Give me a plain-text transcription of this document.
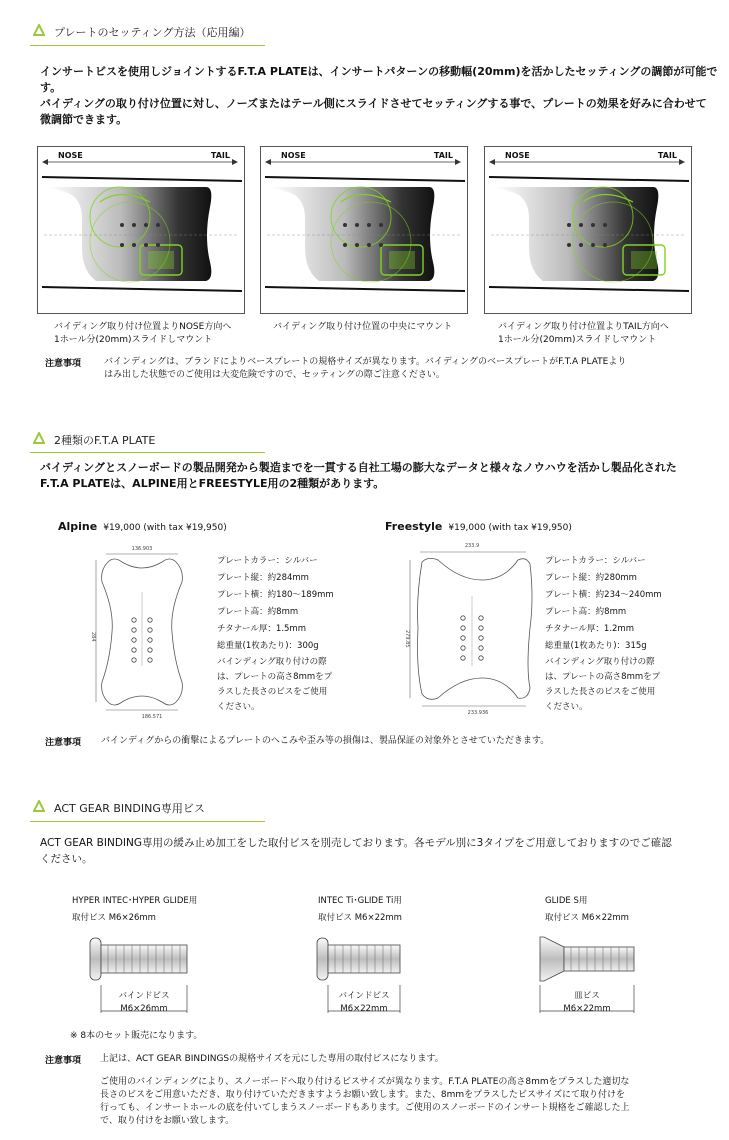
プレートのセッティング方法（応用編）
インサートビスを使用しジョイントするF.T.A PLATEは、インサートパターンの移動幅(20mm)を活かしたセッティングの調節が可能です。
バイディングの取り付け位置に対し、ノーズまたはテール側にスライドさせてセッティングする事で、プレートの効果を好みに合わせて
微調節できます。
NOSE	TAIL	NOSE	TAIL	NOSE	TAIL
バイディング取り付け位置よりNOSE方向へ
1ホール分(20mm)スライドしマウント
バイディング取り付け位置の中央にマウント	バイディング取り付け位置よりTAIL方向へ
1ホール分(20mm)スライドしマウント
注意事項	バインディングは、ブランドによりベースプレートの規格サイズが異なります。バイディングのベースプレートがF.T.A PLATEより
はみ出した状態でのご使用は大変危険ですので、セッティングの際ご注意ください。
2種類のF.T.A PLATE
バイディングとスノーボードの製品開発から製造までを一貫する自社工場の膨大なデータと様々なノウハウを活かし製品化された
F.T.A PLATEは、ALPINE用とFREESTYLE用の2種類があります。
Alpine ¥19,000 (with tax ¥19,950)	Freestyle ¥19,000 (with tax ¥19,950)
136.903
284
186.571
プレートカラー：シルバー
プレート縦：約284mm
プレート横：約180～189mm
プレート高：約8mm
チタナール厚：1.5mm
総重量(1枚あたり)：300g
バインディング取り付けの際
は、プレートの高さ8mmをプ
ラスした長さのビスをご使用
ください。
233.9
279.85
233.936
プレートカラー：シルバー
プレート縦：約280mm
プレート横：約234～240mm
プレート高：約8mm
チタナール厚：1.2mm
総重量(1枚あたり)：315g
バインディング取り付けの際
は、プレートの高さ8mmをプ
ラスした長さのビスをご使用
ください。
注意事項 バインディグからの衝撃によるプレートのへこみや歪み等の損傷は、製品保証の対象外とさせていただきます。
ACT GEAR BINDING専用ビス
ACT GEAR BINDING専用の緩み止め加工をした取付ビスを別売しております。各モデル別に3タイプをご用意しておりますのでご確認
ください。
HYPER INTEC･HYPER GLIDE用
取付ビス M6×26mm
INTEC Ti･GLIDE Ti用
取付ビス M6×22mm
GLIDE S用
取付ビス M6×22mm
バインドビス
M6×26mm
バインドビス
M6×22mm
皿ビス
M6×22mm
※ 8本のセット販売になります。
注意事項 上記は、ACT GEAR BINDINGSの規格サイズを元にした専用の取付ビスになります。
ご使用のバインディングにより、スノーボードへ取り付けるビスサイズが異なります。F.T.A PLATEの高さ8mmをプラスした適切な
長さのビスをご用意いただき、取り付けていただきますようお願い致します。また、8mmをプラスしたビスサイズにて取り付けを
行っても、インサートホールの底を付いてしまうスノーボードもあります。ご使用のスノーボードのインサート規格をご確認した上
で、取り付けをお願い致します。
